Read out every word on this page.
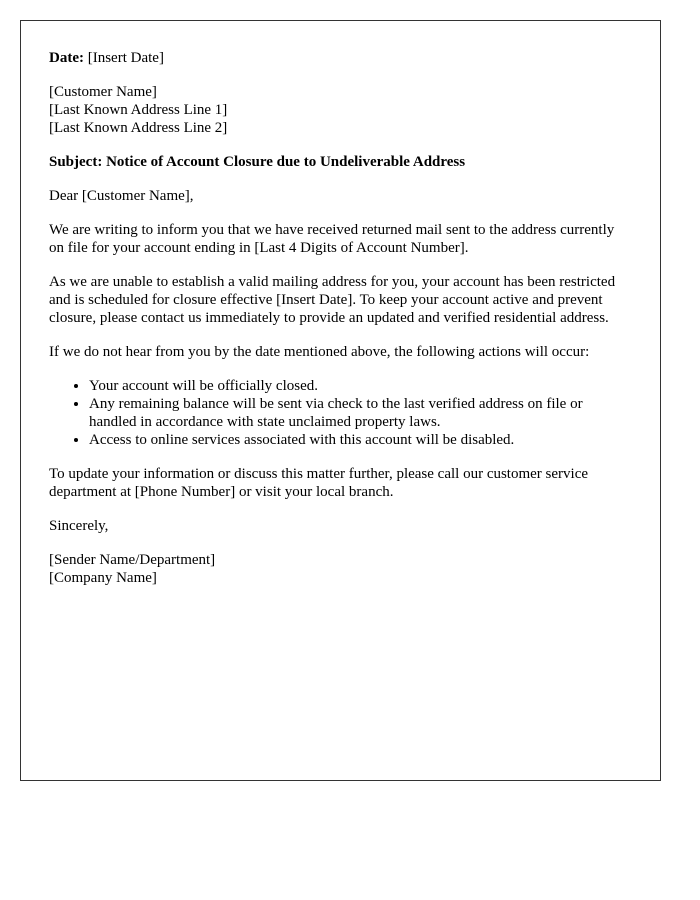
Date: [Insert Date]

[Customer Name]
[Last Known Address Line 1]
[Last Known Address Line 2]

Subject: Notice of Account Closure due to Undeliverable Address

Dear [Customer Name],

We are writing to inform you that we have received returned mail sent to the address currently on file for your account ending in [Last 4 Digits of Account Number].

As we are unable to establish a valid mailing address for you, your account has been restricted and is scheduled for closure effective [Insert Date]. To keep your account active and prevent closure, please contact us immediately to provide an updated and verified residential address.

If we do not hear from you by the date mentioned above, the following actions will occur:

• Your account will be officially closed.
• Any remaining balance will be sent via check to the last verified address on file or handled in accordance with state unclaimed property laws.
• Access to online services associated with this account will be disabled.

To update your information or discuss this matter further, please call our customer service department at [Phone Number] or visit your local branch.

Sincerely,

[Sender Name/Department]
[Company Name]
